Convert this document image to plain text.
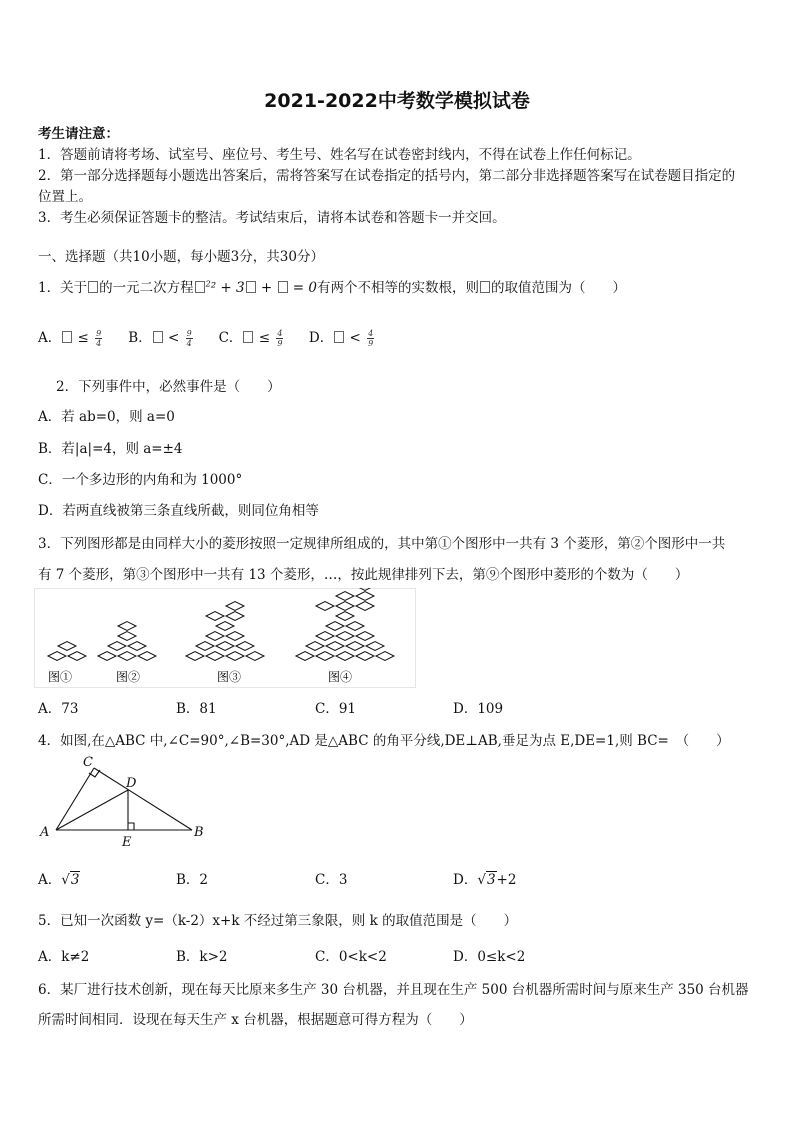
2021-2022中考数学模拟试卷
考生请注意：
1．答题前请将考场、试室号、座位号、考生号、姓名写在试卷密封线内，不得在试卷上作任何标记。
2．第一部分选择题每小题选出答案后，需将答案写在试卷指定的括号内，第二部分非选择题答案写在试卷题目指定的
位置上。
3．考生必须保证答题卡的整洁。考试结束后，请将本试卷和答题卡一并交回。
一、选择题（共10小题，每小题3分，共30分）
1．关于 的一元二次方程 $^2$² + 3 +  = 0有两个不相等的实数根，则 的取值范围为（　　）
A． ≤ $\frac{9}{4}$ B． < $\frac{9}{4}$ C． ≤ $\frac{4}{9}$ D． < $\frac{4}{9}$
2．下列事件中，必然事件是（　　）
A．若 ab=0，则 a=0
B．若|a|=4，则 a=±4
C．一个多边形的内角和为 1000°
D．若两直线被第三条直线所截，则同位角相等
3．下列图形都是由同样大小的菱形按照一定规律所组成的，其中第①个图形中一共有 3 个菱形，第②个图形中一共
有 7 个菱形，第③个图形中一共有 13 个菱形，…，按此规律排列下去，第⑨个图形中菱形的个数为（　　）
图①	图②	图③	图④
A．73	B．81	C．91	D．109
4．如图,在△ABC 中,∠C=90°,∠B=30°,AD 是△ABC 的角平分线,DE⊥AB,垂足为点 E,DE=1,则 BC=　（　　）
A
C
D
B
E
A．√3	B．2	C．3	D．√3+2
5．已知一次函数 y=（k-2）x+k 不经过第三象限，则 k 的取值范围是（　　）
A．k≠2	B．k>2	C．0<k<2	D．0≤k<2
6．某厂进行技术创新，现在每天比原来多生产 30 台机器，并且现在生产 500 台机器所需时间与原来生产 350 台机器
所需时间相同．设现在每天生产 x 台机器，根据题意可得方程为（　　）
